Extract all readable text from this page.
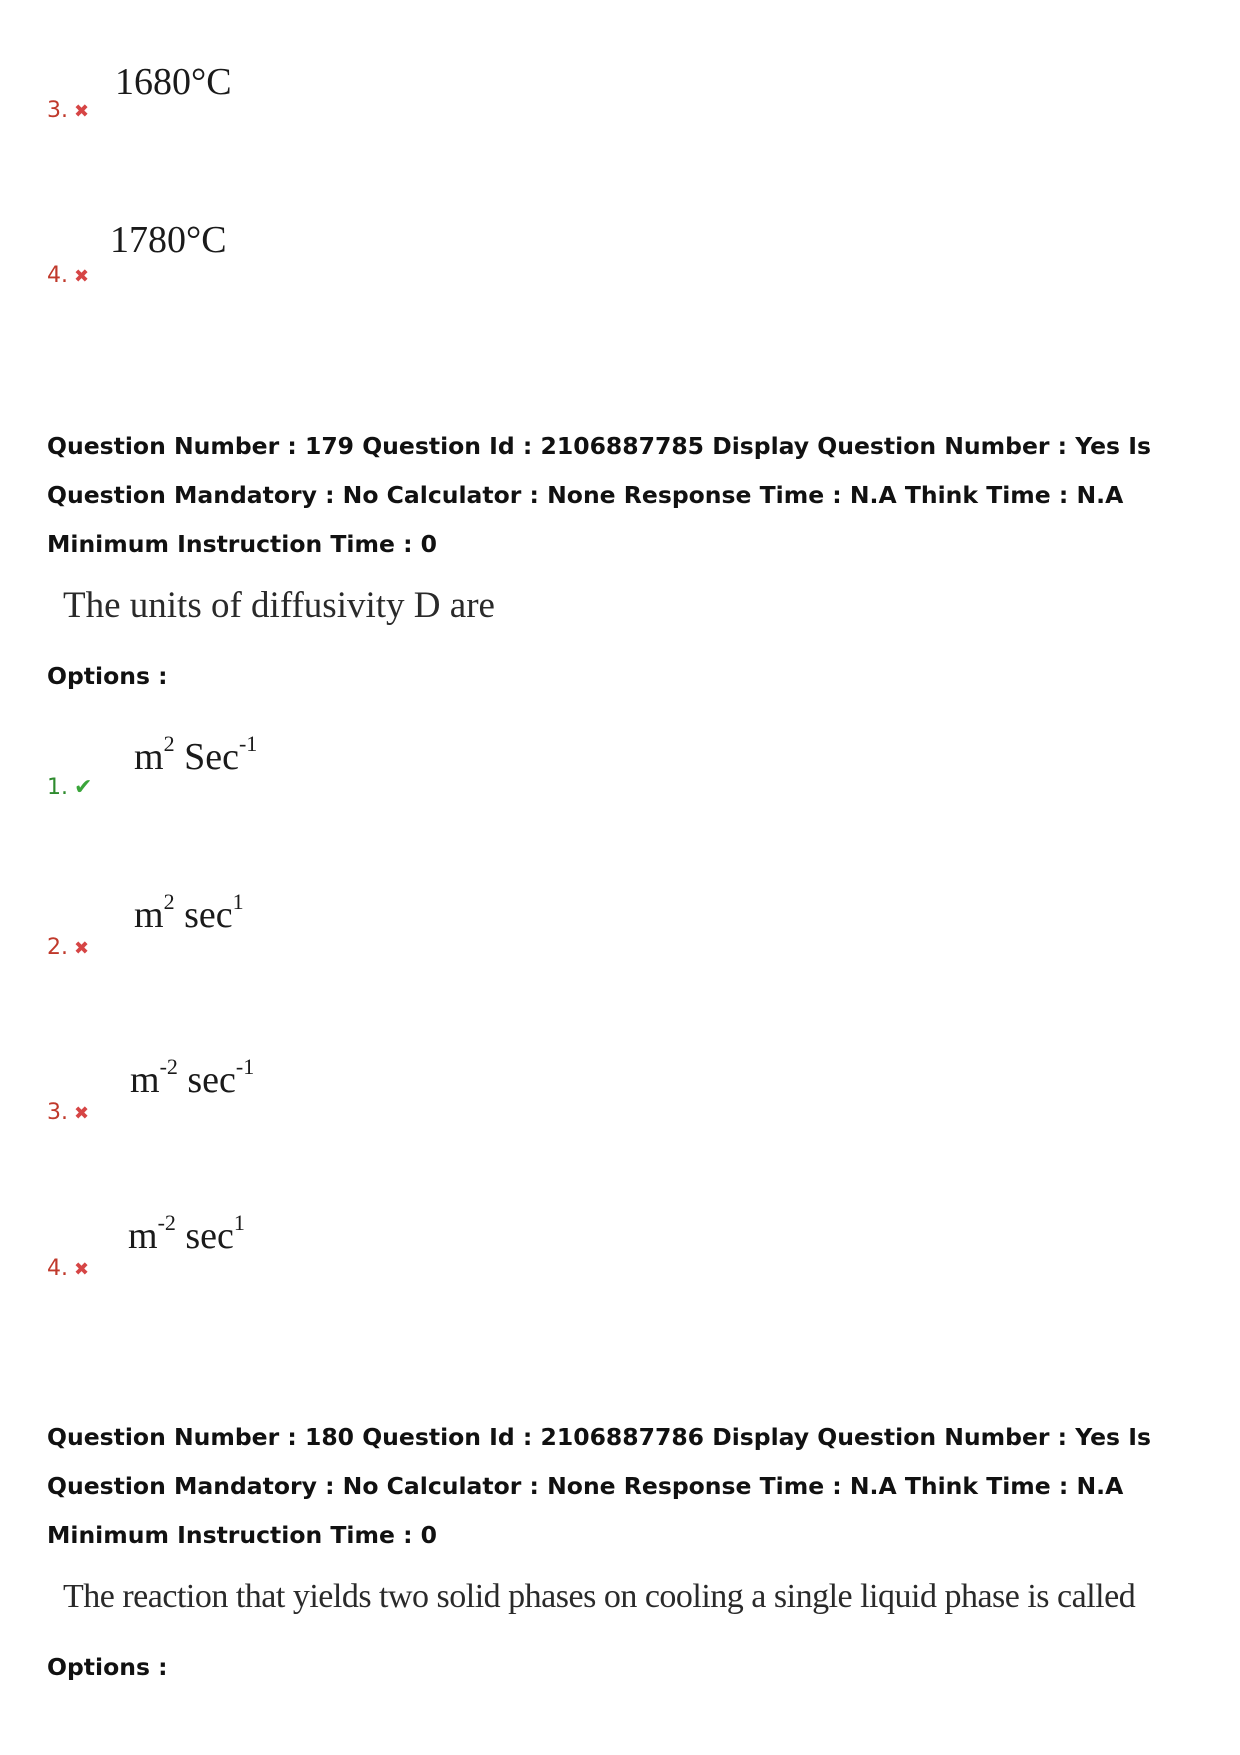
1680°C
3. ✖
1780°C
4. ✖
Question Number : 179 Question Id : 2106887785 Display Question Number : Yes Is Question Mandatory : No Calculator : None Response Time : N.A Think Time : N.A Minimum Instruction Time : 0
The units of diffusivity D are
Options :
$m^2$ Sec$^{-1}$
1. ✔
$m^2$ $\sec^1$
2. ✖
$m^{-2}$ $\sec^{-1}$
3. ✖
$m^{-2}$ $\sec^1$
4. ✖
Question Number : 180 Question Id : 2106887786 Display Question Number : Yes Is Question Mandatory : No Calculator : None Response Time : N.A Think Time : N.A Minimum Instruction Time : 0
The reaction that yields two solid phases on cooling a single liquid phase is called
Options :
